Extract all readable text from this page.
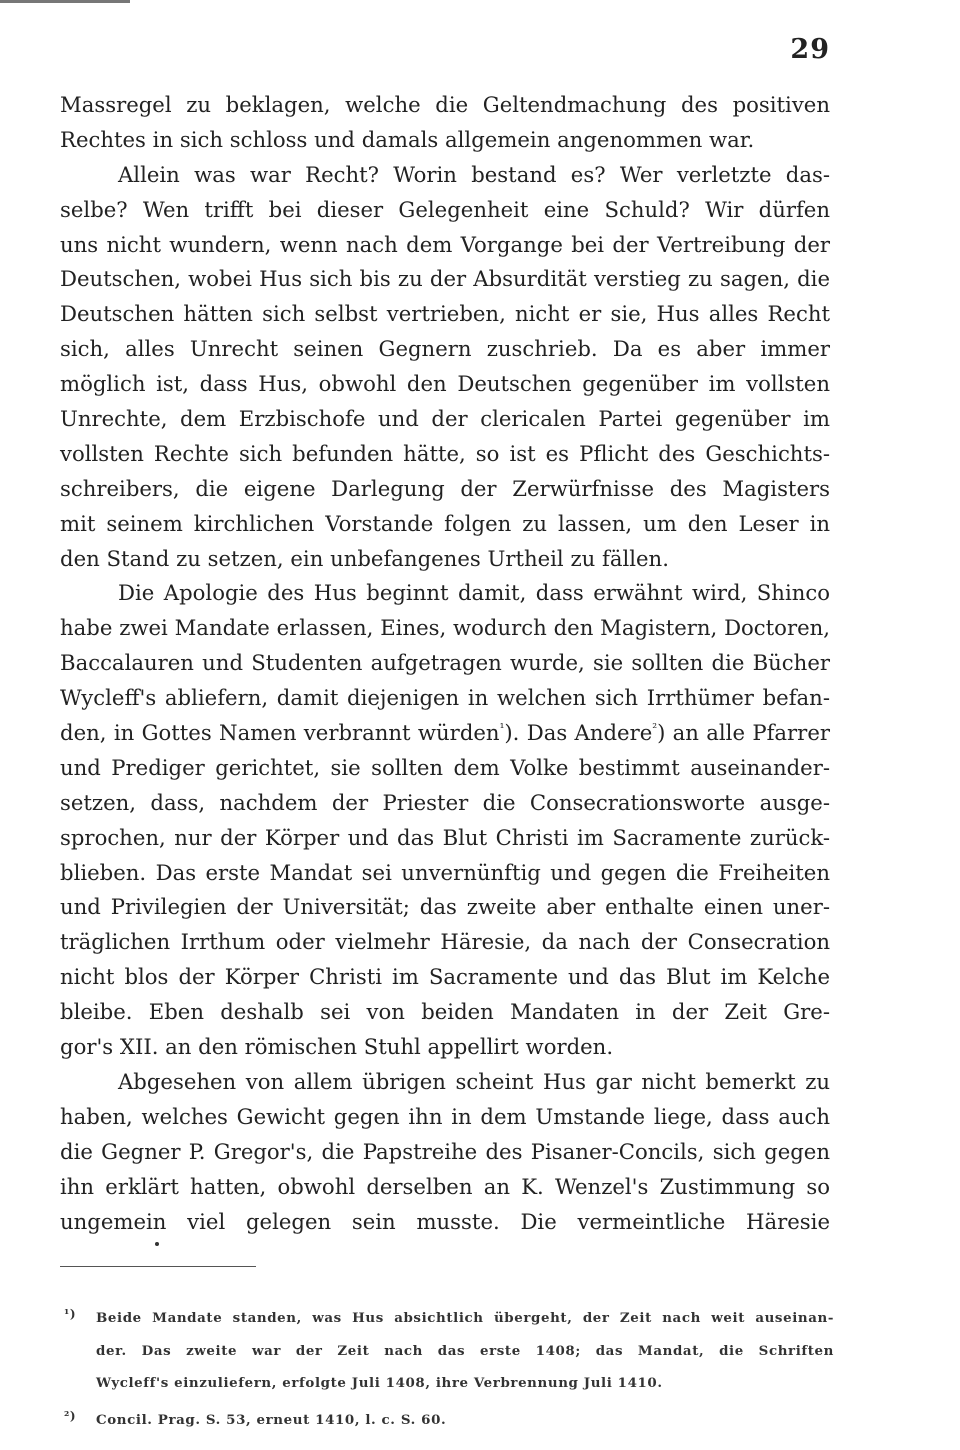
29
Massregel zu beklagen, welche die Geltendmachung des positiven
Rechtes in sich schloss und damals allgemein angenommen war.
Allein was war Recht? Worin bestand es? Wer verletzte das-
selbe? Wen trifft bei dieser Gelegenheit eine Schuld? Wir dürfen
uns nicht wundern, wenn nach dem Vorgange bei der Vertreibung der
Deutschen, wobei Hus sich bis zu der Absurdität verstieg zu sagen, die
Deutschen hätten sich selbst vertrieben, nicht er sie, Hus alles Recht
sich, alles Unrecht seinen Gegnern zuschrieb. Da es aber immer
möglich ist, dass Hus, obwohl den Deutschen gegenüber im vollsten
Unrechte, dem Erzbischofe und der clericalen Partei gegenüber im
vollsten Rechte sich befunden hätte, so ist es Pflicht des Geschichts-
schreibers, die eigene Darlegung der Zerwürfnisse des Magisters
mit seinem kirchlichen Vorstande folgen zu lassen, um den Leser in
den Stand zu setzen, ein unbefangenes Urtheil zu fällen.
Die Apologie des Hus beginnt damit, dass erwähnt wird, Shinco
habe zwei Mandate erlassen, Eines, wodurch den Magistern, Doctoren,
Baccalauren und Studenten aufgetragen wurde, sie sollten die Bücher
Wycleff's abliefern, damit diejenigen in welchen sich Irrthümer befan-
den, in Gottes Namen verbrannt würden$^{^1}$). Das Andere$^{^2}$) an alle Pfarrer
und Prediger gerichtet, sie sollten dem Volke bestimmt auseinander-
setzen, dass, nachdem der Priester die Consecrationsworte ausge-
sprochen, nur der Körper und das Blut Christi im Sacramente zurück-
blieben. Das erste Mandat sei unvernünftig und gegen die Freiheiten
und Privilegien der Universität; das zweite aber enthalte einen uner-
träglichen Irrthum oder vielmehr Häresie, da nach der Consecration
nicht blos der Körper Christi im Sacramente und das Blut im Kelche
bleibe. Eben deshalb sei von beiden Mandaten in der Zeit Gre-
gor's XII. an den römischen Stuhl appellirt worden.
Abgesehen von allem übrigen scheint Hus gar nicht bemerkt zu
haben, welches Gewicht gegen ihn in dem Umstande liege, dass auch
die Gegner P. Gregor's, die Papstreihe des Pisaner-Concils, sich gegen
ihn erklärt hatten, obwohl derselben an K. Wenzel's Zustimmung so
ungemein viel gelegen sein musste. Die vermeintliche Häresie
¹) Beide Mandate standen, was Hus absichtlich übergeht, der Zeit nach weit auseinan-
der. Das zweite war der Zeit nach das erste 1408; das Mandat, die Schriften
Wycleff's einzuliefern, erfolgte Juli 1408, ihre Verbrennung Juli 1410.
²) Concil. Prag. S. 53, erneut 1410, l. c. S. 60.
